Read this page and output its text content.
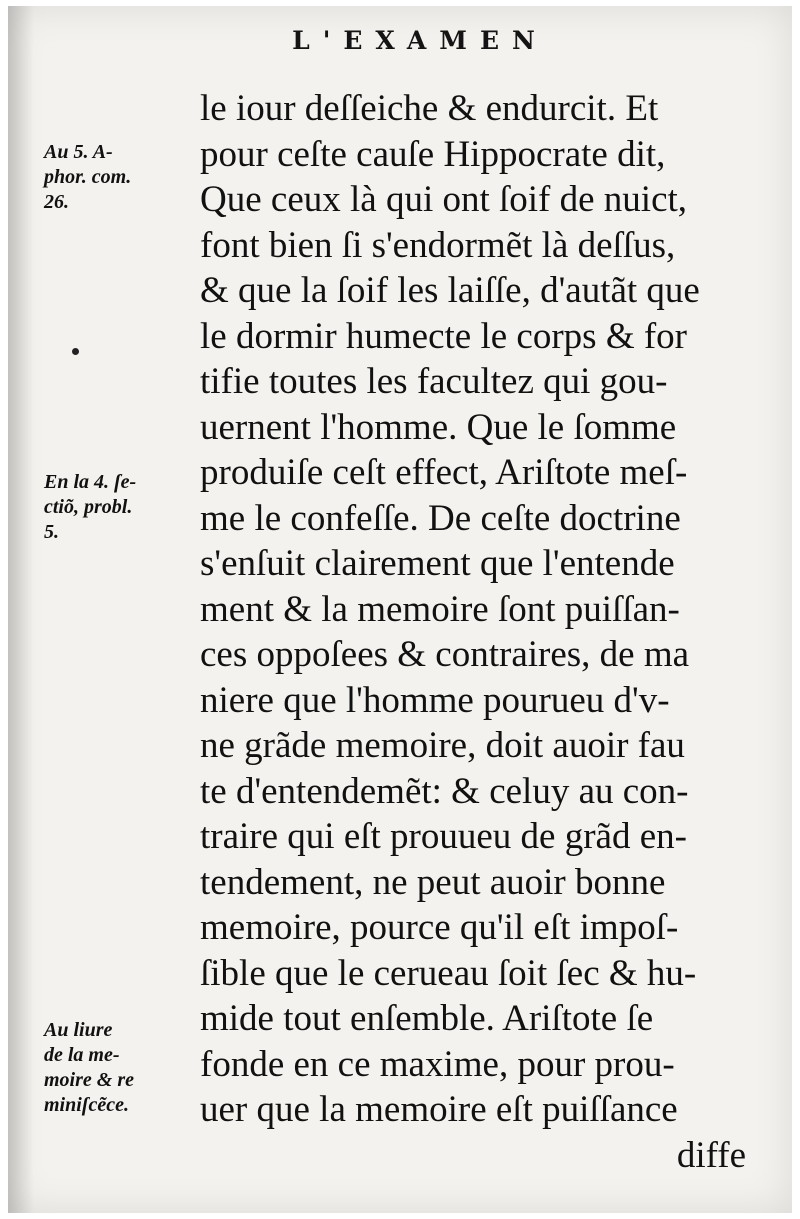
L'EXAMEN
le iour deſſeiche & endurcit. Et
pour ceſte cauſe Hippocrate dit,
Que ceux là qui ont ſoif de nuict,
font bien ſi s'endormẽt là deſſus,
& que la ſoif les laiſſe, d'autãt que
le dormir humecte le corps & for
tifie toutes les facultez qui gou-
uernent l'homme. Que le ſomme
produiſe ceſt effect, Ariſtote meſ-
me le confeſſe. De ceſte doctrine
s'enſuit clairement que l'entende
ment & la memoire ſont puiſſan-
ces oppoſees & contraires, de ma
niere que l'homme pourueu d'v-
ne grãde memoire, doit auoir fau
te d'entendemẽt: & celuy au con-
traire qui eſt prouueu de grãd en-
tendement, ne peut auoir bonne
memoire, pource qu'il eſt impoſ-
ſible que le cerueau ſoit ſec & hu-
mide tout enſemble. Ariſtote ſe
fonde en ce maxime, pour prou-
uer que la memoire eſt puiſſance
diffe
Au 5. A-
phor. com.
26.
En la 4. ſe-
ctiõ, probl.
5.
Au liure
de la me-
moire & re
miniſcẽce.
